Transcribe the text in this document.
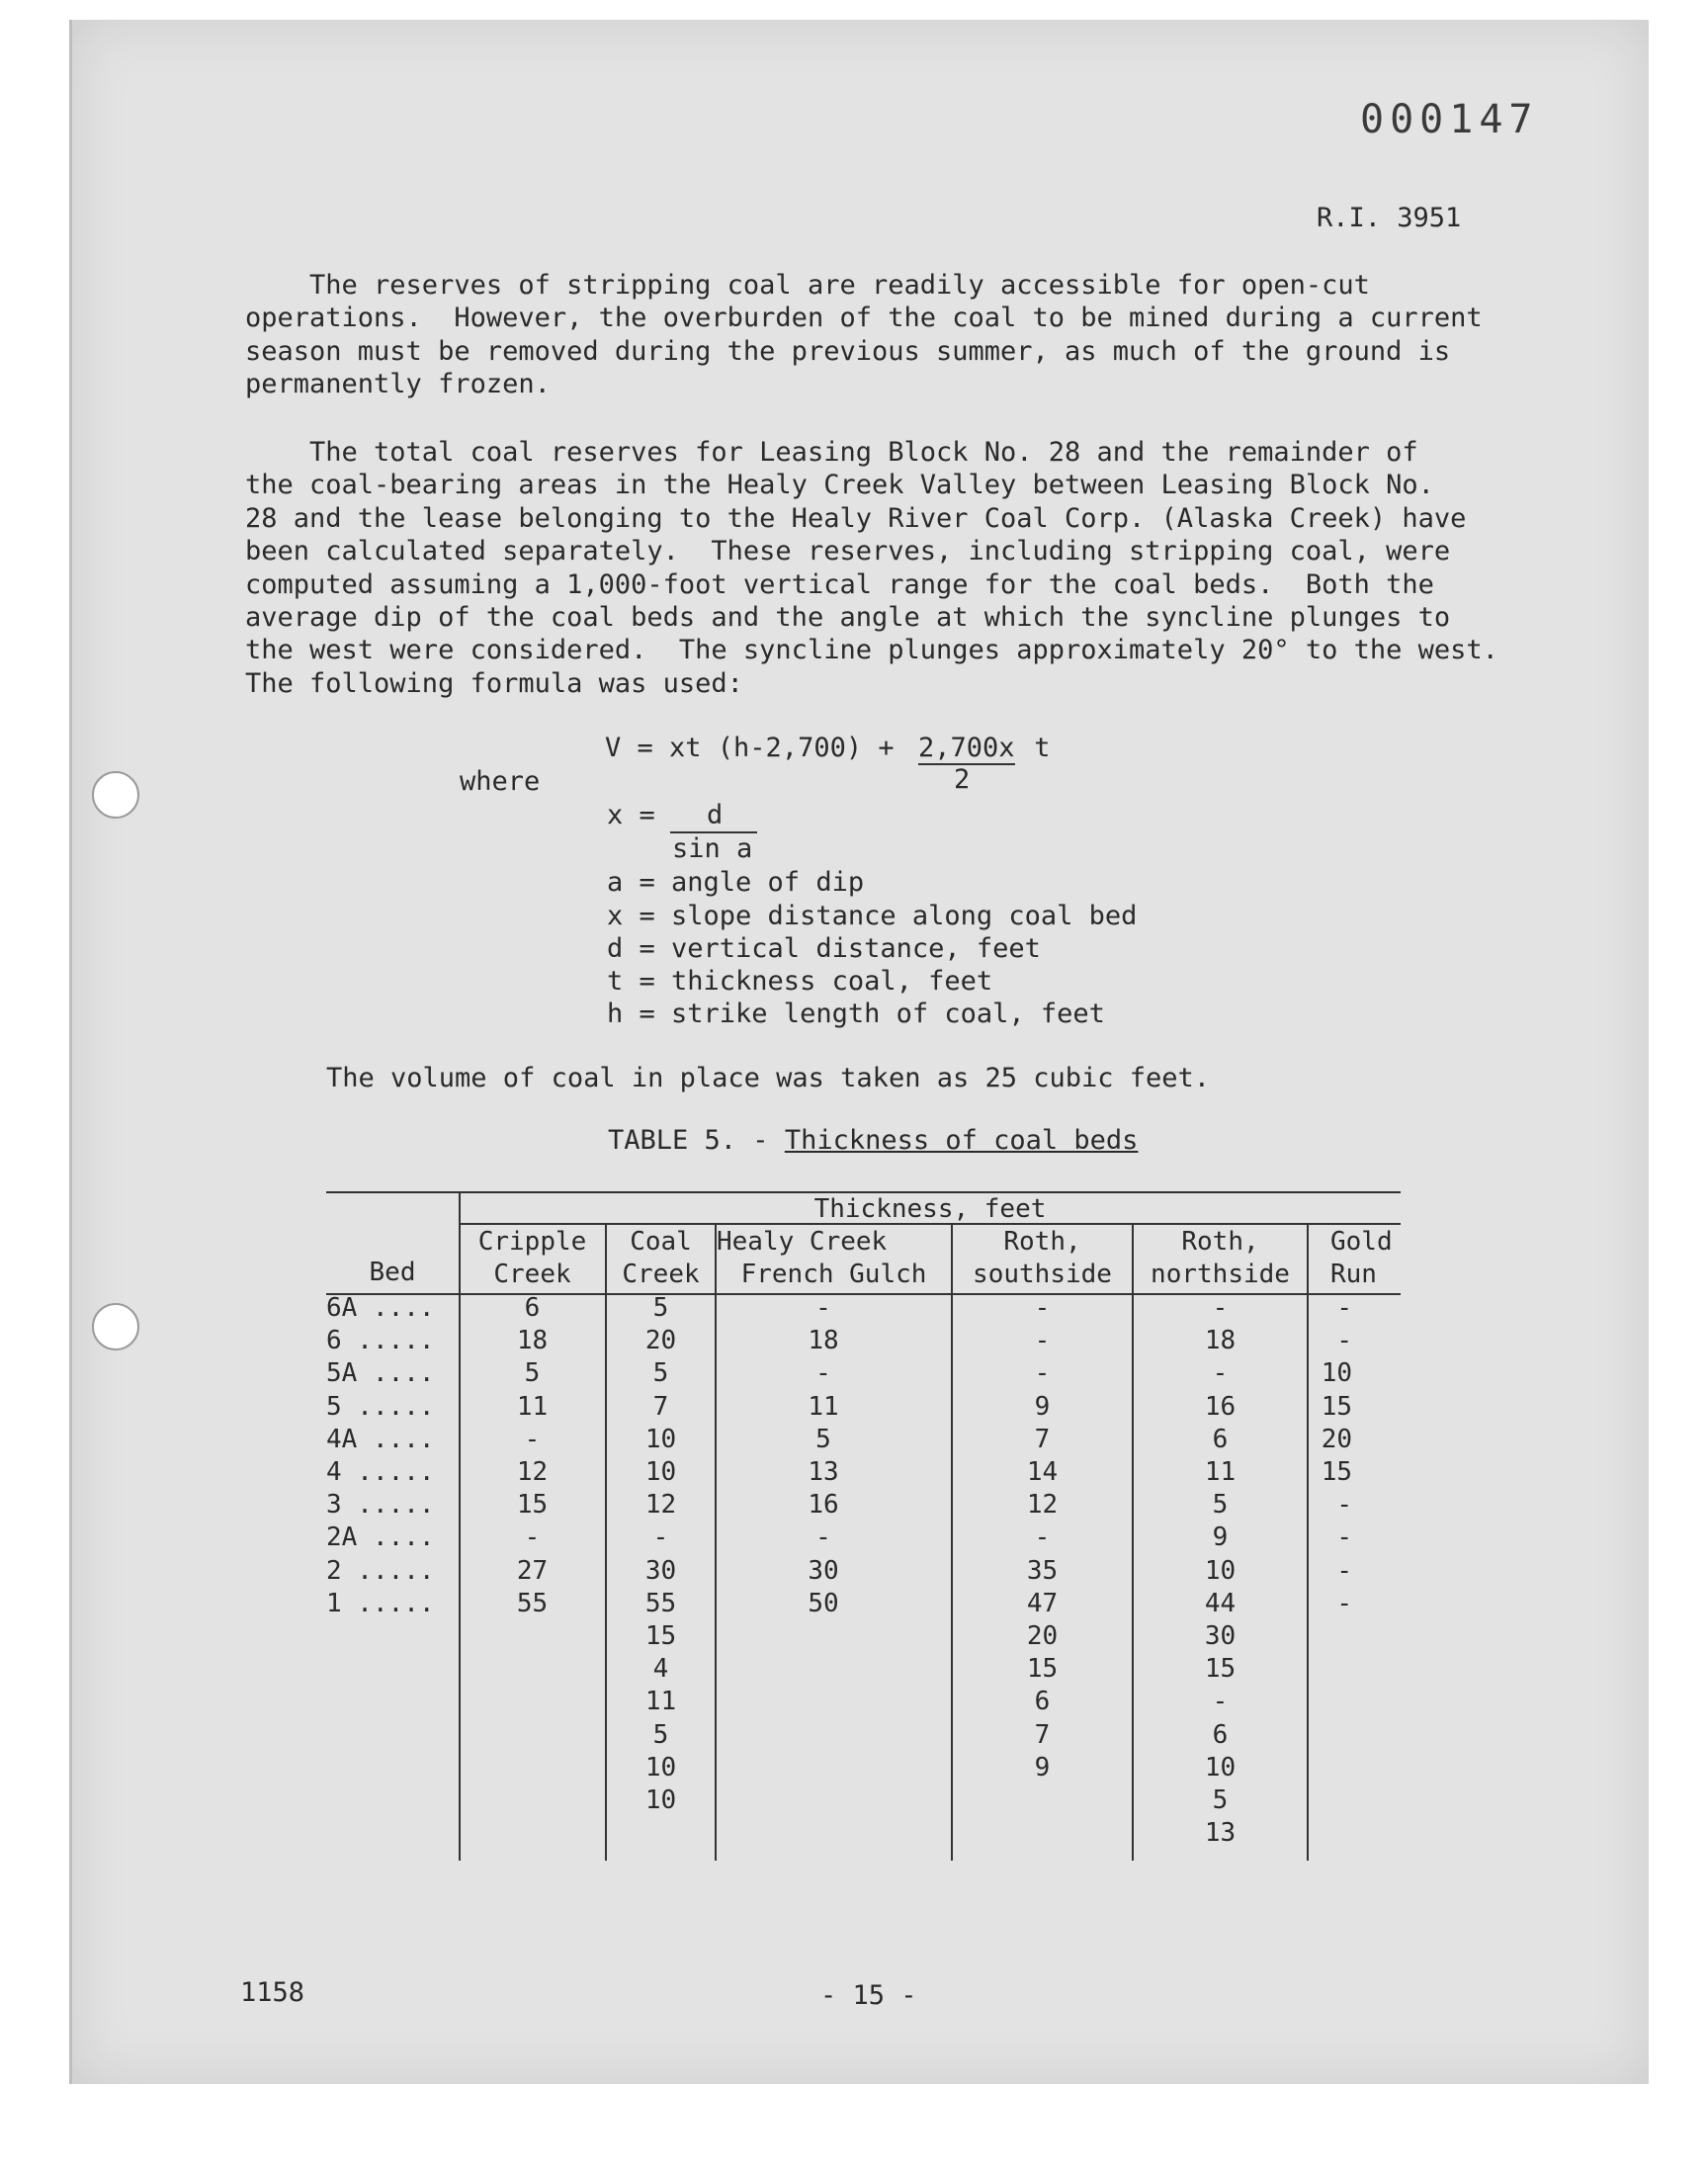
000147
R.I. 3951
The reserves of stripping coal are readily accessible for open-cut
operations.  However, the overburden of the coal to be mined during a current
season must be removed during the previous summer, as much of the ground is
permanently frozen.
The total coal reserves for Leasing Block No. 28 and the remainder of
the coal-bearing areas in the Healy Creek Valley between Leasing Block No.
28 and the lease belonging to the Healy River Coal Corp. (Alaska Creek) have
been calculated separately.  These reserves, including stripping coal, were
computed assuming a 1,000-foot vertical range for the coal beds.  Both the
average dip of the coal beds and the angle at which the syncline plunges to
the west were considered.  The syncline plunges approximately 20° to the west.
The following formula was used:
V = xt (h-2,700) + 2,700x
2
t
where
x = d
sin a
a = angle of dip
x = slope distance along coal bed
d = vertical distance, feet
t = thickness coal, feet
h = strike length of coal, feet
The volume of coal in place was taken as 25 cubic feet.
TABLE 5. - Thickness of coal beds
Thickness, feet
Bed
Cripple
Creek
Coal
Creek
Healy Creek
French Gulch
Roth,
southside
Roth,
northside
Gold
Run
6A ....
6 .....
5A ....
5 .....
4A ....
4 .....
3 .....
2A ....
2 .....
1 .....
6
18
5
11
-
12
15
-
27
55
5
20
5
7
10
10
12
-
30
55
15
4
11
5
10
10
-
18
-
11
5
13
16
-
30
50
-
-
-
9
7
14
12
-
35
47
20
15
6
7
9
-
18
-
16
6
11
5
9
10
44
30
15
-
6
10
5
13
-
-
10
15
20
15
-
-
-
-
1158	- 15 -
